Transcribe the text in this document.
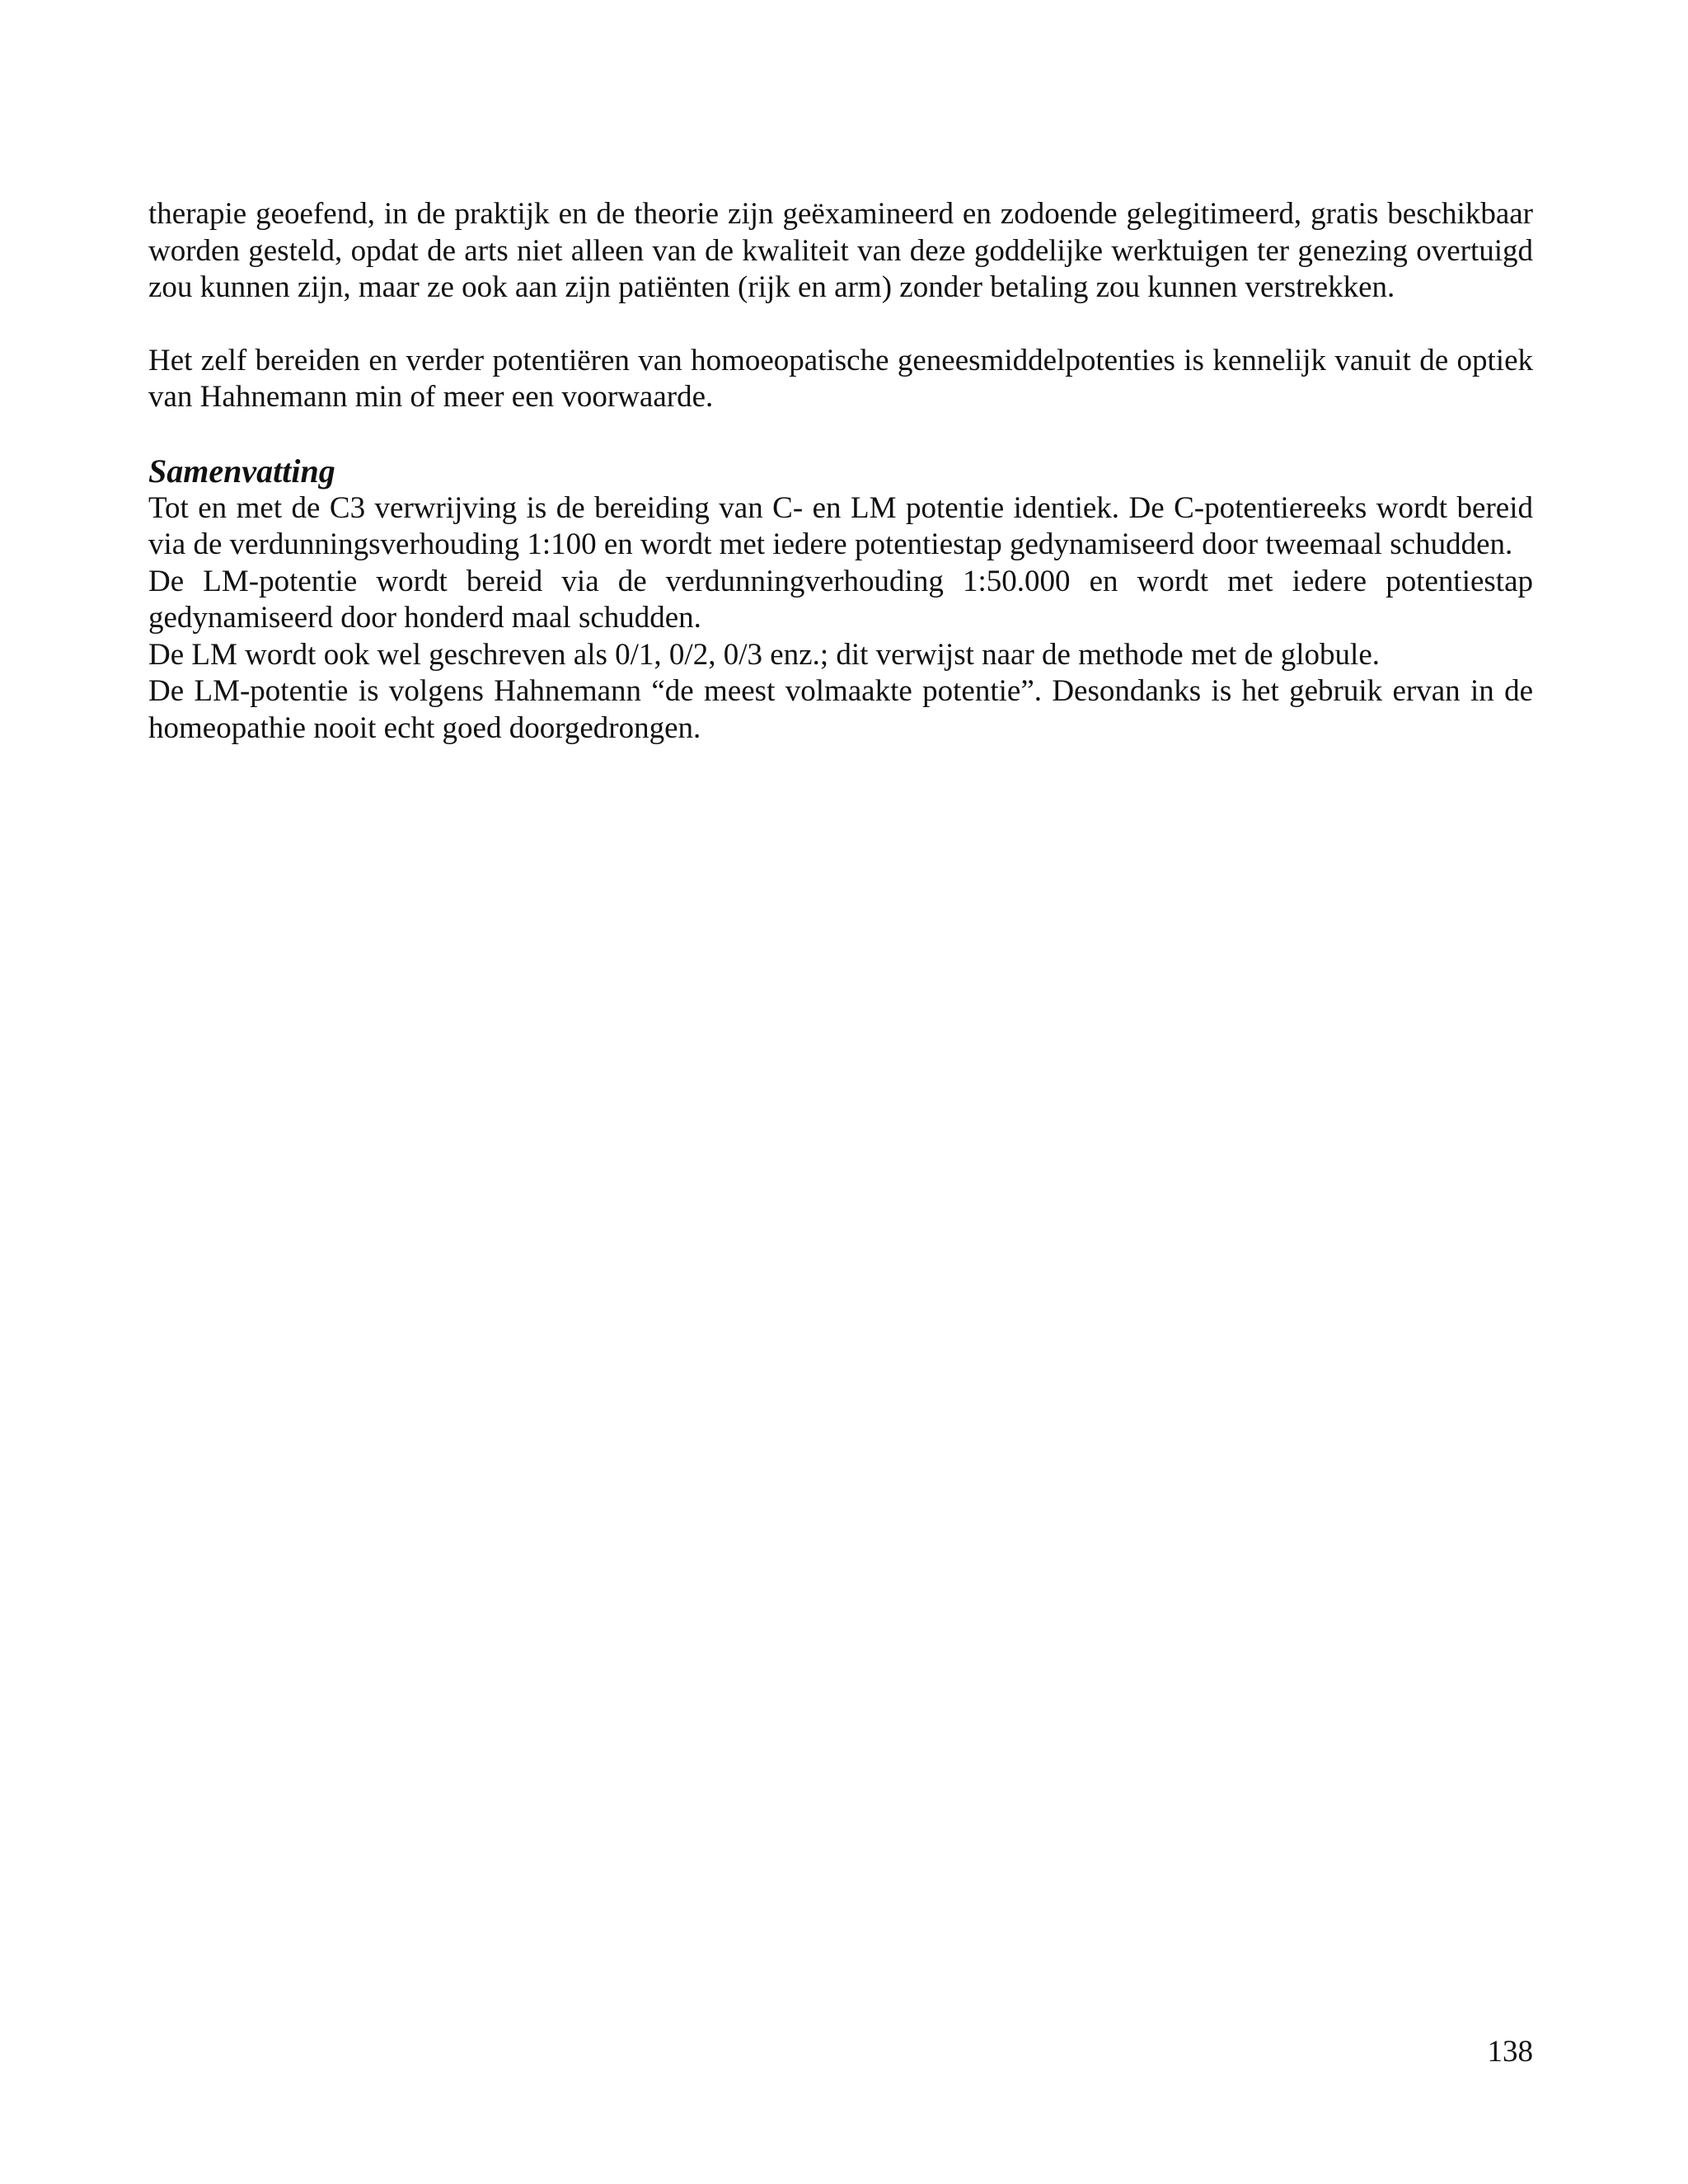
therapie geoefend, in de praktijk en de theorie zijn geëxamineerd en zodoende gelegitimeerd, gratis beschikbaar worden gesteld, opdat de arts niet alleen van de kwaliteit van deze goddelijke werktuigen ter genezing overtuigd zou kunnen zijn, maar ze ook aan zijn patiënten (rijk en arm) zonder betaling zou kunnen verstrekken.

Het zelf bereiden en verder potentiëren van homoeopatische geneesmiddelpotenties is kennelijk vanuit de optiek van Hahnemann min of meer een voorwaarde.

Samenvatting

Tot en met de C3 verwrijving is de bereiding van C- en LM potentie identiek. De C-potentiereeks wordt bereid via de verdunningsverhouding 1:100 en wordt met iedere potentiestap gedynamiseerd door tweemaal schudden.

De LM-potentie wordt bereid via de verdunningverhouding 1:50.000 en wordt met iedere potentiestap gedynamiseerd door honderd maal schudden.

De LM wordt ook wel geschreven als 0/1, 0/2, 0/3 enz.; dit verwijst naar de methode met de globule.

De LM-potentie is volgens Hahnemann “de meest volmaakte potentie”. Desondanks is het gebruik ervan in de homeopathie nooit echt goed doorgedrongen.

138
